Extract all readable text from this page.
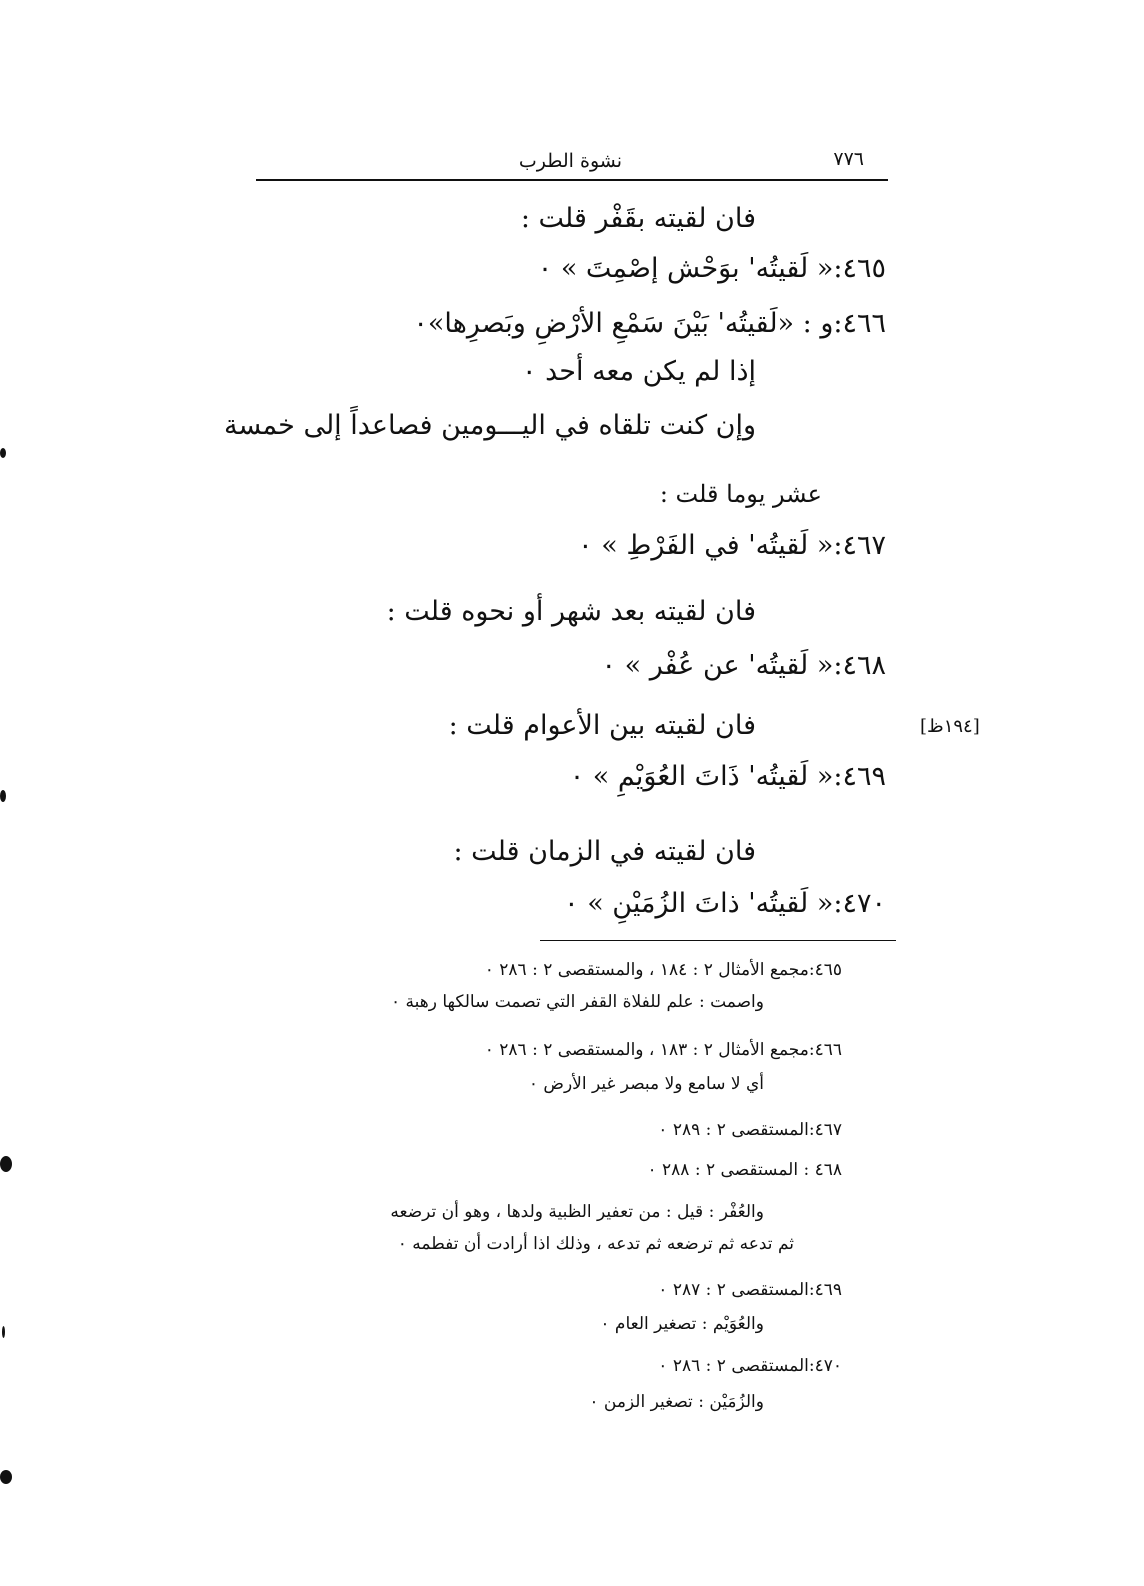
٧٧٦
نشوة الطرب
فان لقيته بقَفْر قلت :
٤٦٥:« لَقيتُه' بوَحْش إصْمِتَ » ٠
٤٦٦:و : «لَقيتُه' بَيْنَ سَمْعِ الأرْضِ وبَصرِها»٠
إذا لم يكن معه أحد ٠
وإن كنت تلقاه في اليـــومين فصاعداً إلى خمسة
عشر يوما قلت :
٤٦٧:« لَقيتُه' في الفَرْطِ » ٠
فان لقيته بعد شهر أو نحوه قلت :
٤٦٨:« لَقيتُه' عن عُفْر » ٠
فان لقيته بين الأعوام قلت :	[١٩٤ظ]
٤٦٩:« لَقيتُه' ذَاتَ العُوَيْمِ » ٠
فان لقيته في الزمان قلت :
٤٧٠:« لَقيتُه' ذاتَ الزُمَيْنِ » ٠
٤٦٥:مجمع الأمثال ٢ : ١٨٤ ، والمستقصى ٢ : ٢٨٦ ٠
واصمت : علم للفلاة القفر التي تصمت سالكها رهبة ٠
٤٦٦:مجمع الأمثال ٢ : ١٨٣ ، والمستقصى ٢ : ٢٨٦ ٠
أي لا سامع ولا مبصر غير الأرض ٠
٤٦٧:المستقصى ٢ : ٢٨٩ ٠
٤٦٨ : المستقصى ٢ : ٢٨٨ ٠
والعُفْر : قيل : من تعفير الظبية ولدها ، وهو أن ترضعه
ثم تدعه ثم ترضعه ثم تدعه ، وذلك اذا أرادت أن تفطمه ٠
٤٦٩:المستقصى ٢ : ٢٨٧ ٠
والعُوَيْم : تصغير العام ٠
٤٧٠:المستقصى ٢ : ٢٨٦ ٠
والزُمَيْن : تصغير الزمن ٠
